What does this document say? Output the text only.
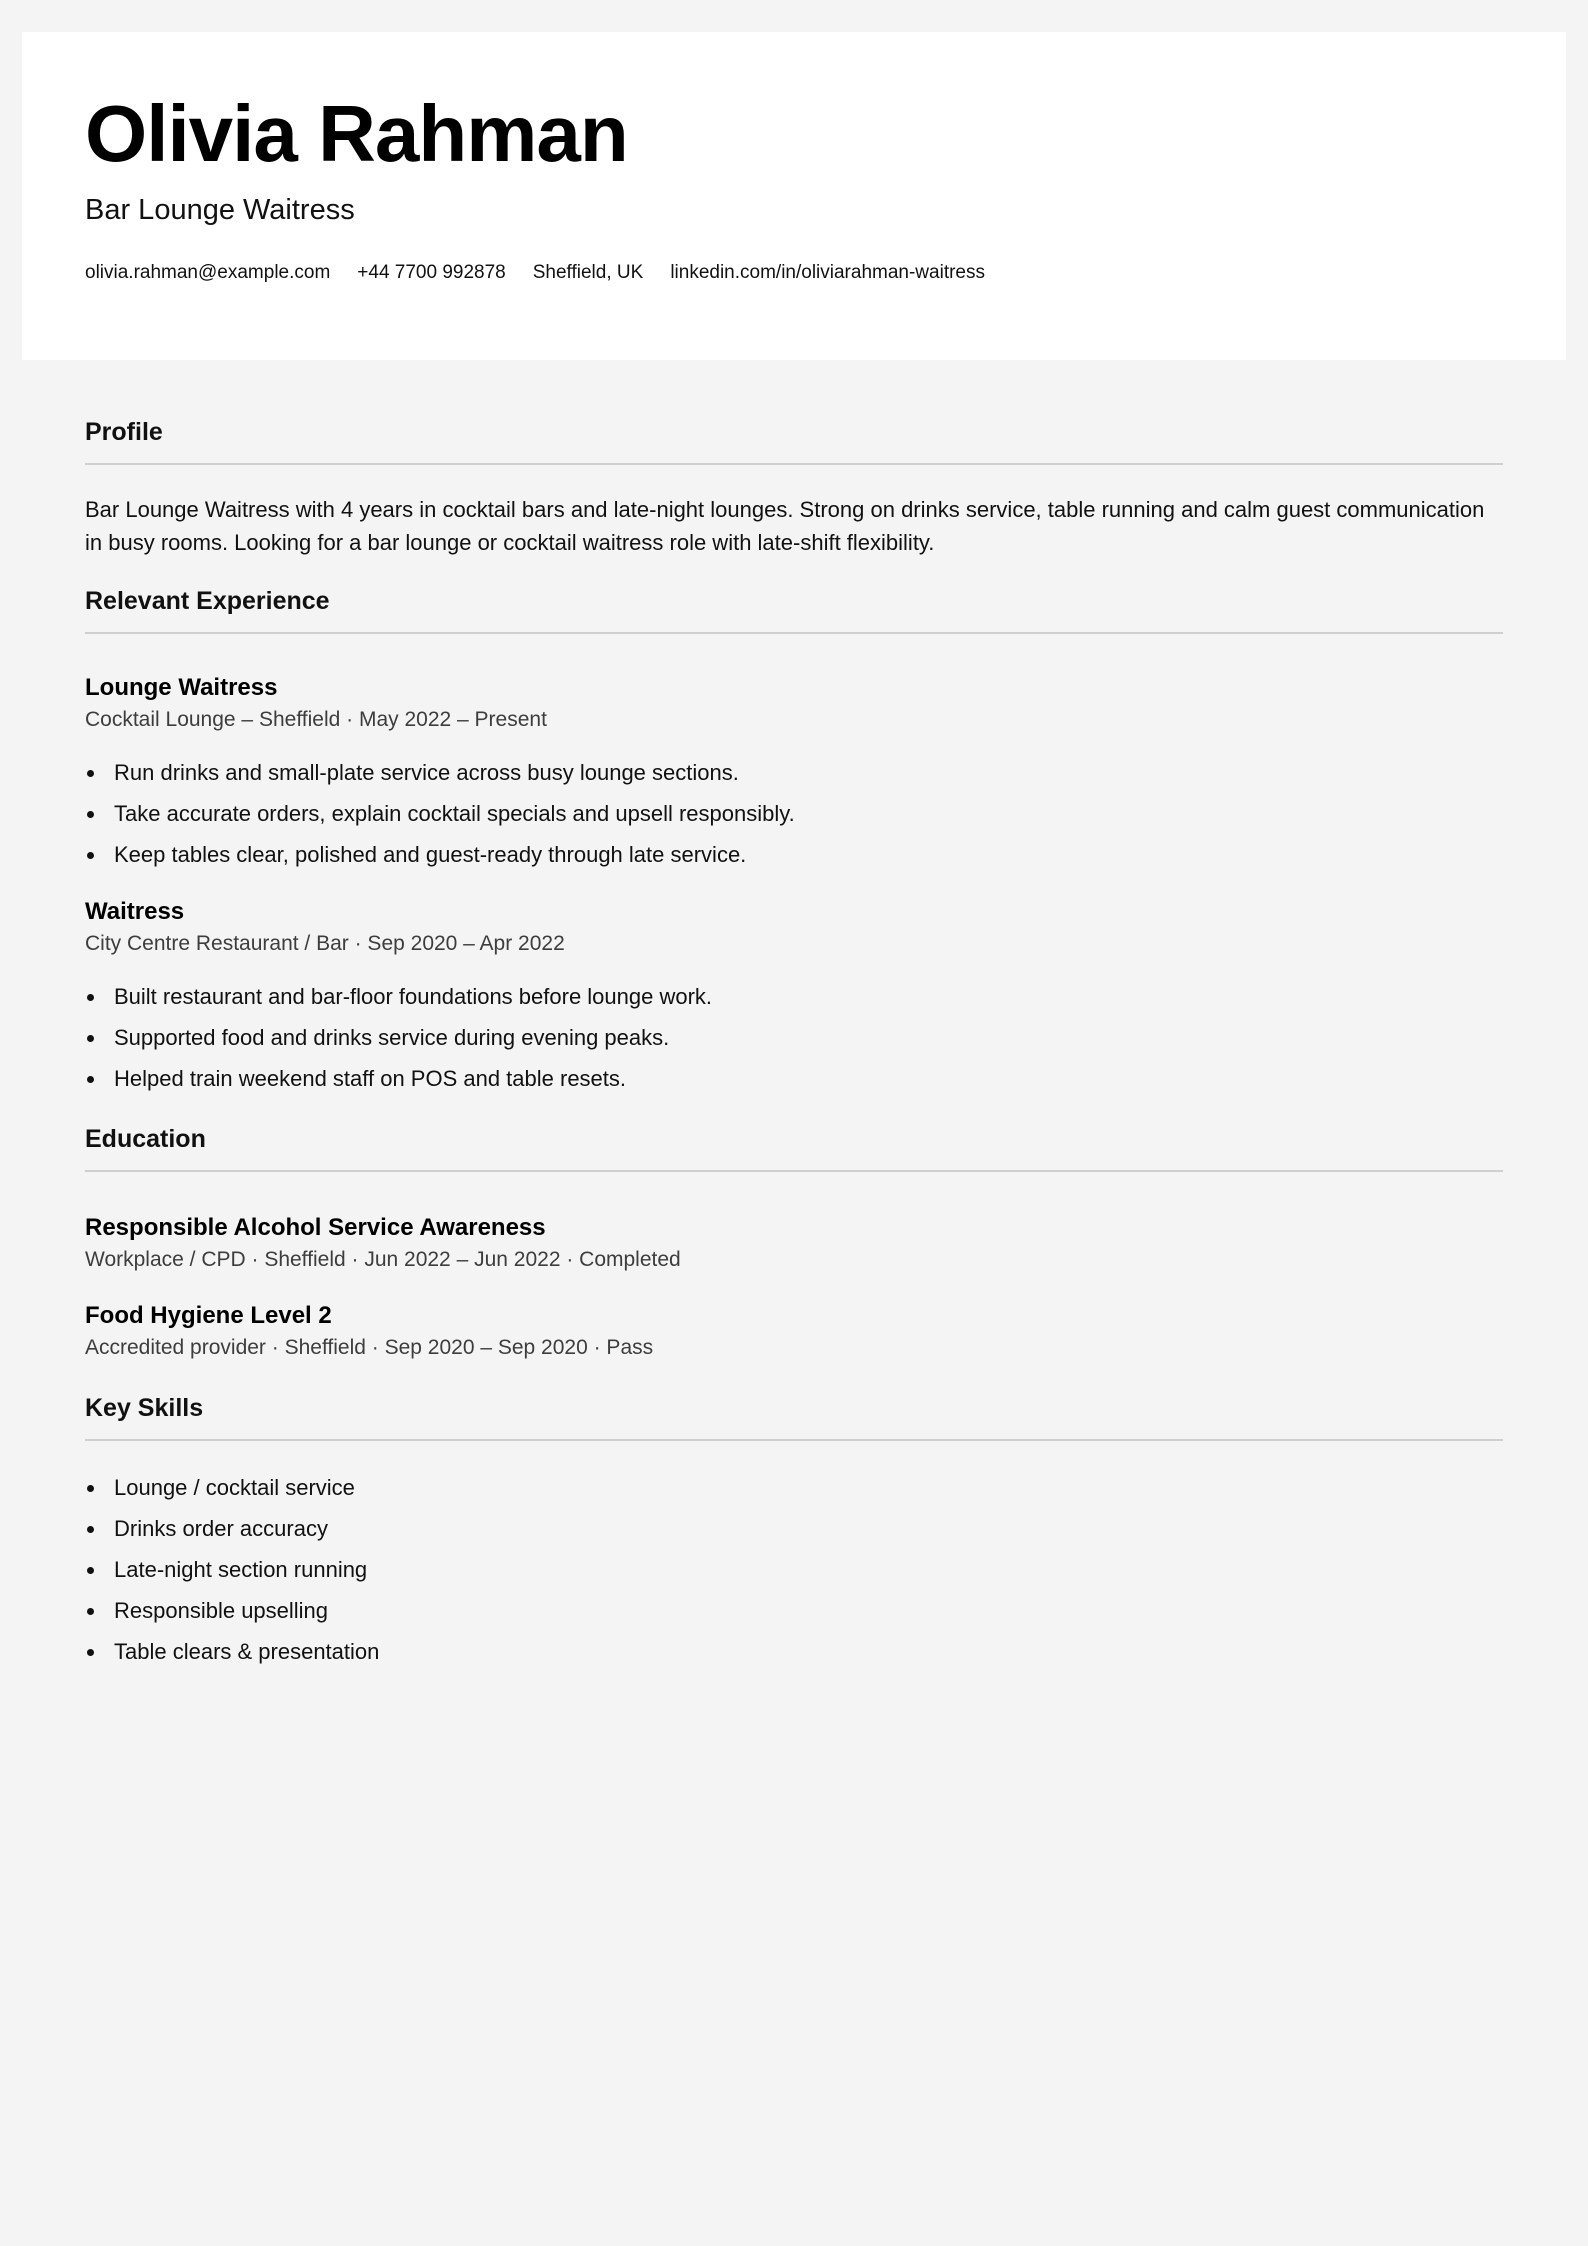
Olivia Rahman
Bar Lounge Waitress
olivia.rahman@example.com +44 7700 992878 Sheffield, UK linkedin.com/in/oliviarahman-waitress
Profile

Bar Lounge Waitress with 4 years in cocktail bars and late-night lounges. Strong on drinks service, table running and calm guest communication in busy rooms. Looking for a bar lounge or cocktail waitress role with late-shift flexibility.

Relevant Experience
Lounge Waitress
Cocktail Lounge – Sheffield · May 2022 – Present
Run drinks and small-plate service across busy lounge sections.
Take accurate orders, explain cocktail specials and upsell responsibly.
Keep tables clear, polished and guest-ready through late service.
Waitress
City Centre Restaurant / Bar · Sep 2020 – Apr 2022
Built restaurant and bar-floor foundations before lounge work.
Supported food and drinks service during evening peaks.
Helped train weekend staff on POS and table resets.
Education
Responsible Alcohol Service Awareness
Workplace / CPD · Sheffield · Jun 2022 – Jun 2022 · Completed
Food Hygiene Level 2
Accredited provider · Sheffield · Sep 2020 – Sep 2020 · Pass
Key Skills
Lounge / cocktail service
Drinks order accuracy
Late-night section running
Responsible upselling
Table clears & presentation
